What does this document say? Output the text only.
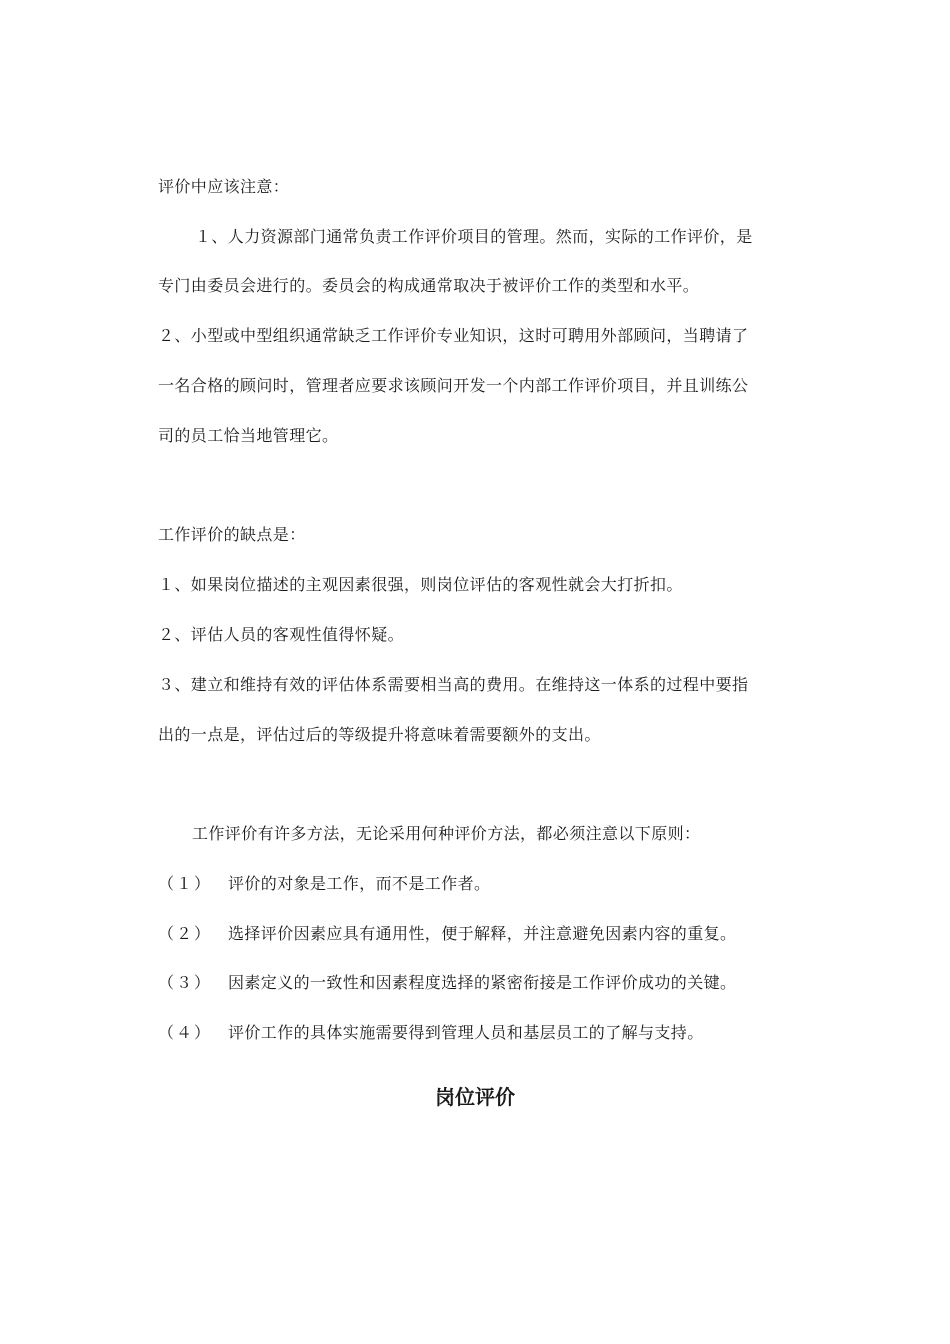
评价中应该注意：
１、人力资源部门通常负责工作评价项目的管理。然而，实际的工作评价，是
专门由委员会进行的。委员会的构成通常取决于被评价工作的类型和水平。
２、小型或中型组织通常缺乏工作评价专业知识，这时可聘用外部顾问，当聘请了
一名合格的顾问时，管理者应要求该顾问开发一个内部工作评价项目，并且训练公
司的员工恰当地管理它。
工作评价的缺点是：
１、如果岗位描述的主观因素很强，则岗位评估的客观性就会大打折扣。
２、评估人员的客观性值得怀疑。
３、建立和维持有效的评估体系需要相当高的费用。在维持这一体系的过程中要指
出的一点是，评估过后的等级提升将意味着需要额外的支出。
工作评价有许多方法，无论采用何种评价方法，都必须注意以下原则：
（１） 评价的对象是工作，而不是工作者。
（２） 选择评价因素应具有通用性，便于解释，并注意避免因素内容的重复。
（３） 因素定义的一致性和因素程度选择的紧密衔接是工作评价成功的关键。
（４） 评价工作的具体实施需要得到管理人员和基层员工的了解与支持。
岗位评价
